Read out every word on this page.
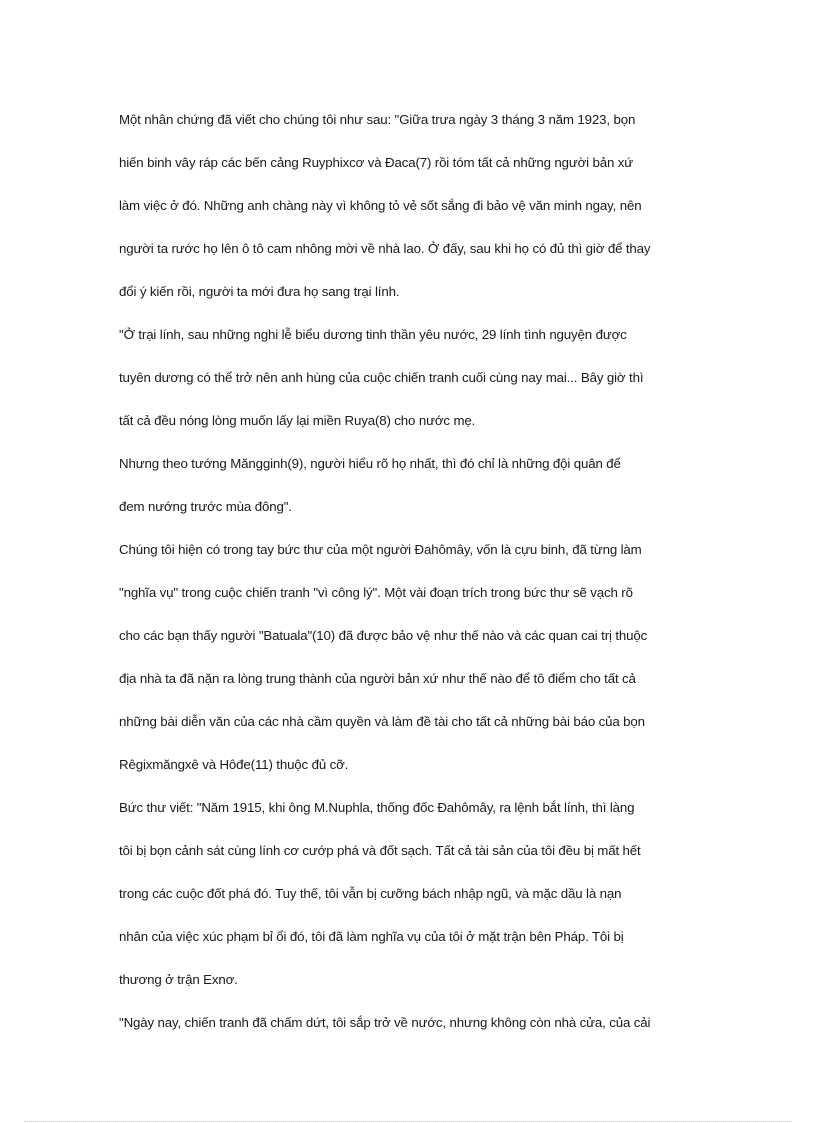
Một nhân chứng đã viết cho chúng tôi như sau: "Giữa trưa ngày 3 tháng 3 năm 1923, bọn
hiến binh vây ráp các bến cảng Ruyphixcơ và Đaca(7) rồi tóm tất cả những người bản xứ
làm việc ở đó. Những anh chàng này vì không tỏ vẻ sốt sắng đi bảo vệ văn minh ngay, nên
người ta rước họ lên ô tô cam nhông mời về nhà lao. Ở đấy, sau khi họ có đủ thì giờ để thay
đổi ý kiến rồi, người ta mới đưa họ sang trại lính.
"Ở trại lính, sau những nghi lễ biểu dương tinh thần yêu nước, 29 lính tình nguyện được
tuyên dương có thể trở nên anh hùng của cuộc chiến tranh cuối cùng nay mai... Bây giờ thì
tất cả đều nóng lòng muốn lấy lại miền Ruya(8) cho nước mẹ.
Nhưng theo tướng Măngginh(9), người hiểu rõ họ nhất, thì đó chỉ là những đội quân để
đem nướng trước mùa đông".
Chúng tôi hiện có trong tay bức thư của một người Đahômây, vốn là cựu binh, đã từng làm
"nghĩa vụ" trong cuộc chiến tranh "vì công lý". Một vài đoạn trích trong bức thư sẽ vạch rõ
cho các bạn thấy người "Batuala"(10) đã được bảo vệ như thế nào và các quan cai trị thuộc
địa nhà ta đã nặn ra lòng trung thành của người bản xứ như thế nào để tô điểm cho tất cả
những bài diễn văn của các nhà cầm quyền và làm đề tài cho tất cả những bài báo của bọn
Rêgixmăngxê và Hôđe(11) thuộc đủ cỡ.
Bức thư viết: "Năm 1915, khi ông M.Nuphla, thống đốc Đahômây, ra lệnh bắt lính, thì làng
tôi bị bọn cảnh sát cùng lính cơ cướp phá và đốt sạch. Tất cả tài sản của tôi đều bị mất hết
trong các cuộc đốt phá đó. Tuy thế, tôi vẫn bị cưỡng bách nhập ngũ, và mặc dầu là nạn
nhân của việc xúc phạm bỉ ổi đó, tôi đã làm nghĩa vụ của tôi ở mặt trận bên Pháp. Tôi bị
thương ở trận Exnơ.
"Ngày nay, chiến tranh đã chấm dứt, tôi sắp trở về nước, nhưng không còn nhà cửa, của cải
